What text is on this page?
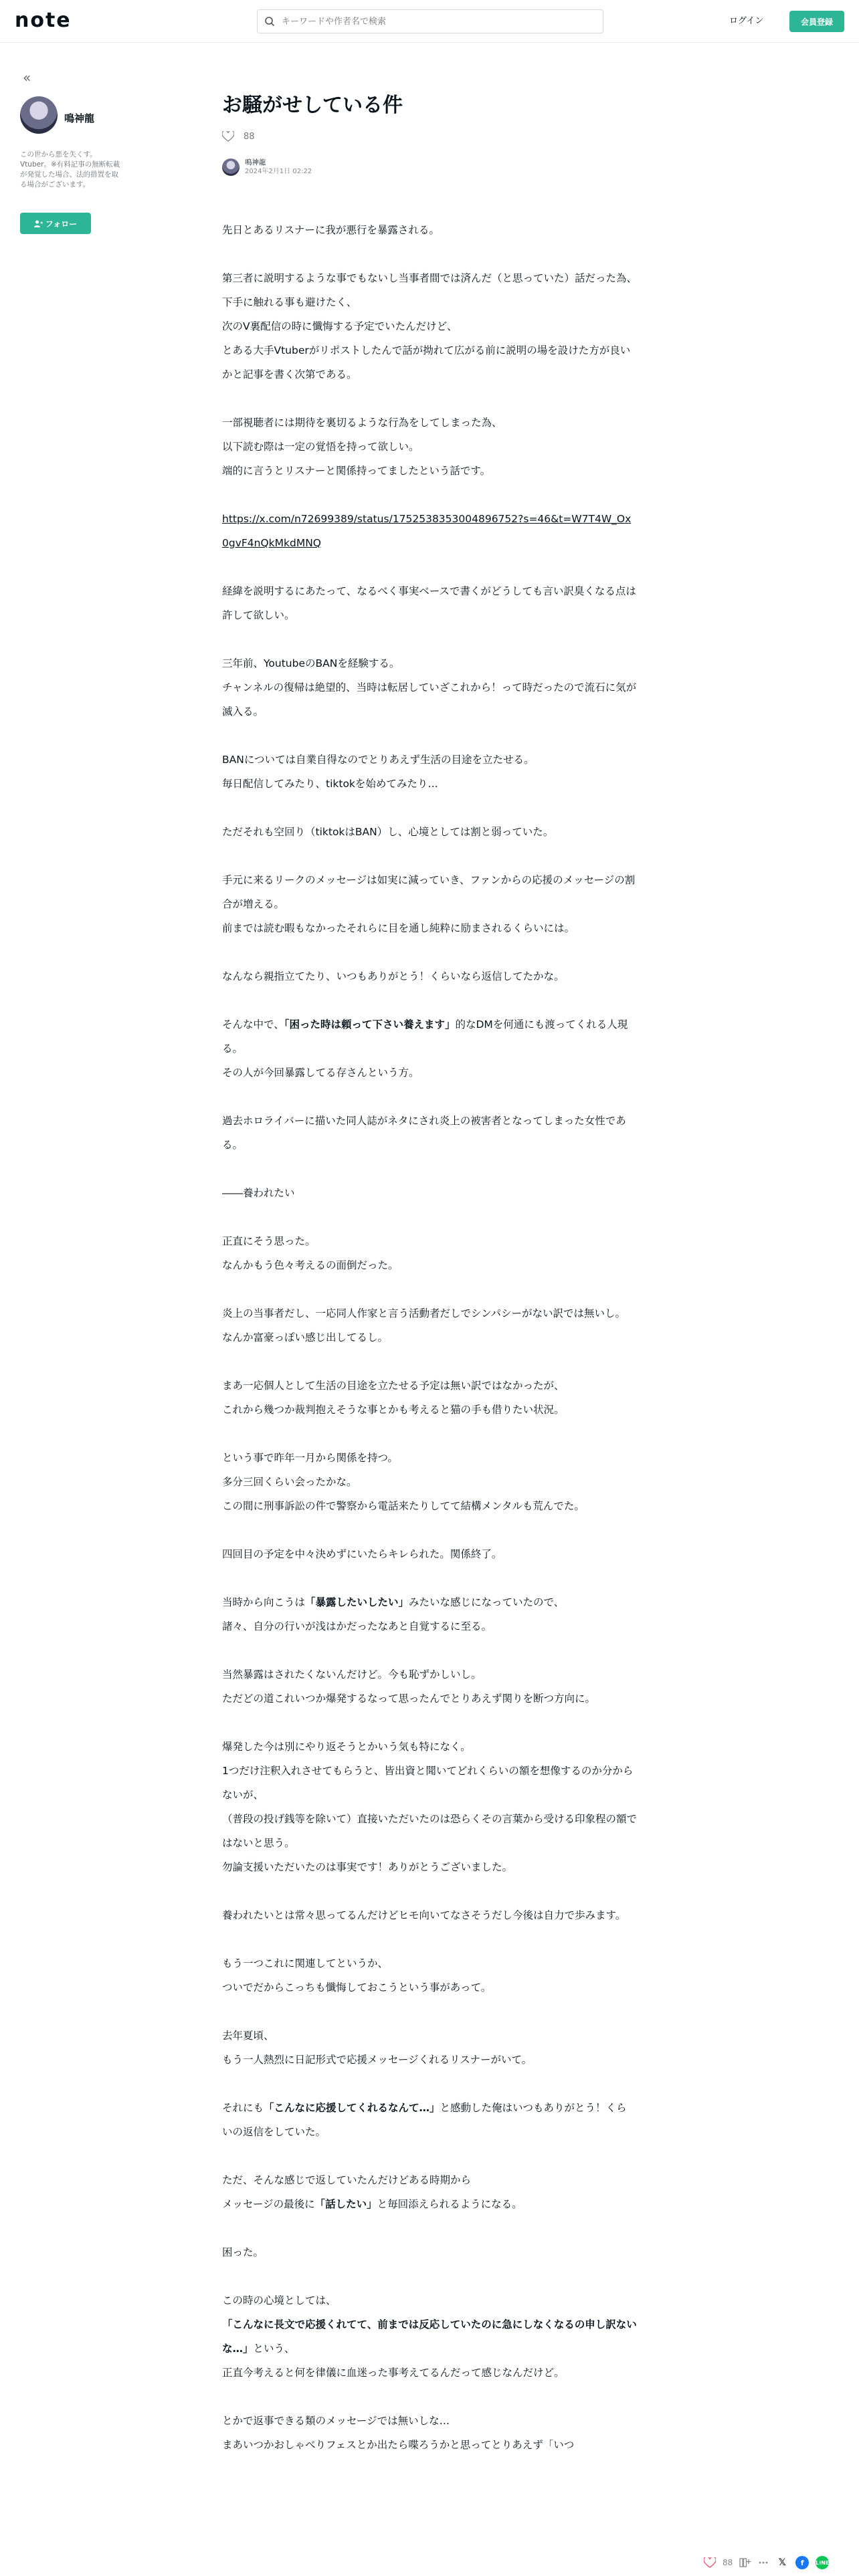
note
キーワードや作者名で検索	ログイン	会員登録
«
鳴神龍
この世から悪を失くす。Vtuber。※有料記事の無断転載が発覚した場合、法的措置を取る場合がございます。
フォロー
お騒がせしている件
88
鳴神龍
2024年2月1日 02:22
先日とあるリスナーに我が悪行を暴露される。
第三者に説明するような事でもないし当事者間では済んだ（と思っていた）話だった為、
下手に触れる事も避けたく、
次のV裏配信の時に懺悔する予定でいたんだけど、
とある大手Vtuberがリポストしたんで話が拗れて広がる前に説明の場を設けた方が良いかと記事を書く次第である。
一部視聴者には期待を裏切るような行為をしてしまった為、
以下読む際は一定の覚悟を持って欲しい。
端的に言うとリスナーと関係持ってましたという話です。
https://x.com/n72699389/status/1752538353004896752?s=46&t=W7T4W_Ox0gvF4nQkMkdMNQ
経緯を説明するにあたって、なるべく事実ベースで書くがどうしても言い訳臭くなる点は許して欲しい。
三年前、YoutubeのBANを経験する。
チャンネルの復帰は絶望的、当時は転居していざこれから！って時だったので流石に気が滅入る。
BANについては自業自得なのでとりあえず生活の目途を立たせる。
毎日配信してみたり、tiktokを始めてみたり…
ただそれも空回り（tiktokはBAN）し、心境としては割と弱っていた。
手元に来るリークのメッセージは如実に減っていき、ファンからの応援のメッセージの割合が増える。
前までは読む暇もなかったそれらに目を通し純粋に励まされるくらいには。
なんなら親指立てたり、いつもありがとう！くらいなら返信してたかな。
そんな中で、「困った時は頼って下さい養えます」的なDMを何通にも渡ってくれる人現る。
その人が今回暴露してる存さんという方。
過去ホロライバーに描いた同人誌がネタにされ炎上の被害者となってしまった女性である。
――養われたい
正直にそう思った。
なんかもう色々考えるの面倒だった。
炎上の当事者だし、一応同人作家と言う活動者だしでシンパシーがない訳では無いし。
なんか富豪っぽい感じ出してるし。
まあ一応個人として生活の目途を立たせる予定は無い訳ではなかったが、
これから幾つか裁判抱えそうな事とかも考えると猫の手も借りたい状況。
という事で昨年一月から関係を持つ。
多分三回くらい会ったかな。
この間に刑事訴訟の件で警察から電話来たりしてて結構メンタルも荒んでた。
四回目の予定を中々決めずにいたらキレられた。関係終了。
当時から向こうは「暴露したいしたい」みたいな感じになっていたので、
諸々、自分の行いが浅はかだったなあと自覚するに至る。
当然暴露はされたくないんだけど。今も恥ずかしいし。
ただどの道これいつか爆発するなって思ったんでとりあえず関りを断つ方向に。
爆発した今は別にやり返そうとかいう気も特になく。
1つだけ注釈入れさせてもらうと、皆出資と聞いてどれくらいの額を想像するのか分からないが、
（普段の投げ銭等を除いて）直接いただいたのは恐らくその言葉から受ける印象程の額ではないと思う。
勿論支援いただいたのは事実です！ありがとうございました。
養われたいとは常々思ってるんだけどヒモ向いてなさそうだし今後は自力で歩みます。
もう一つこれに関連してというか、
ついでだからこっちも懺悔しておこうという事があって。
去年夏頃、
もう一人熱烈に日記形式で応援メッセージくれるリスナーがいて。
それにも「こんなに応援してくれるなんて…」と感動した俺はいつもありがとう！くらいの返信をしていた。
ただ、そんな感じで返していたんだけどある時期から
メッセージの最後に「話したい」と毎回添えられるようになる。
困った。
この時の心境としては、
「こんなに長文で応援くれてて、前までは反応していたのに急にしなくなるの申し訳ないな…」という、
正直今考えると何を律儀に血迷った事考えてるんだって感じなんだけど。
とかで返事できる類のメッセージでは無いしな…
まあいつかおしゃべりフェスとか出たら喋ろうかと思ってとりあえず「いつ
88	𝕏	f	LINE
